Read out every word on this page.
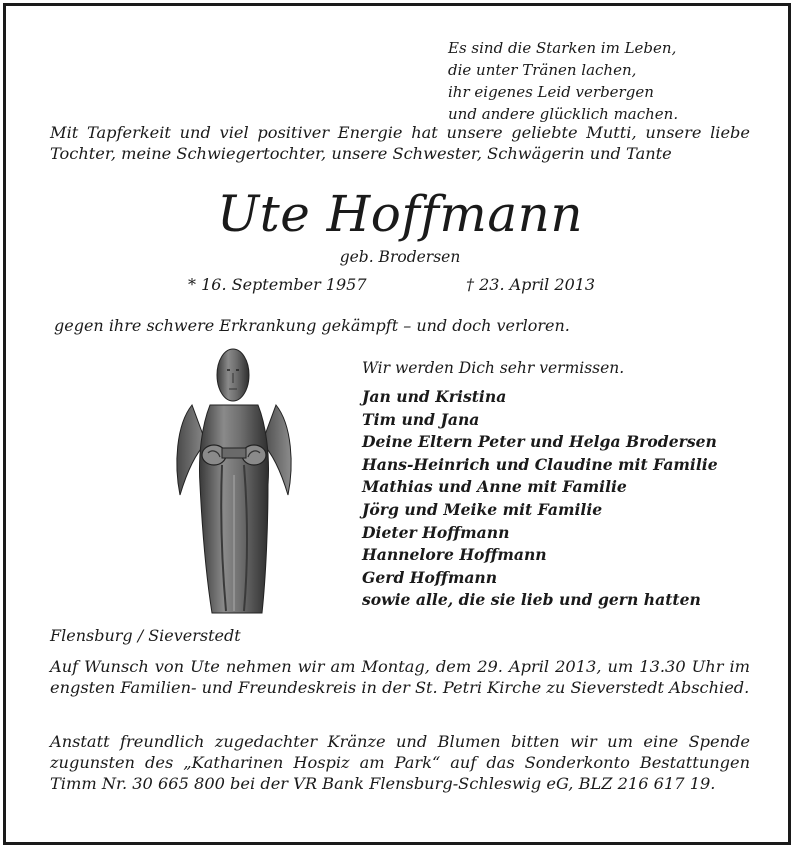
Es sind die Starken im Leben,
die unter Tränen lachen,
ihr eigenes Leid verbergen
und andere glücklich machen.
Mit Tapferkeit und viel positiver Energie hat unsere geliebte Mutti, unsere liebe Tochter, meine Schwiegertochter, unsere Schwester, Schwägerin und Tante
Ute Hoffmann
geb. Brodersen
* 16. September 1957	† 23. April 2013
gegen ihre schwere Erkrankung gekämpft – und doch verloren.
Wir werden Dich sehr vermissen.
Jan und Kristina
Tim und Jana
Deine Eltern Peter und Helga Brodersen
Hans-Heinrich und Claudine mit Familie
Mathias und Anne mit Familie
Jörg und Meike mit Familie
Dieter Hoffmann
Hannelore Hoffmann
Gerd Hoffmann
sowie alle, die sie lieb und gern hatten
Flensburg / Sieverstedt
Auf Wunsch von Ute nehmen wir am Montag, dem 29. April 2013, um 13.30 Uhr im engsten Familien- und Freundeskreis in der St. Petri Kirche zu Sieverstedt Abschied.
Anstatt freundlich zugedachter Kränze und Blumen bitten wir um eine Spende zugunsten des „Katharinen Hospiz am Park“ auf das Sonderkonto Bestattungen Timm Nr. 30 665 800 bei der VR Bank Flensburg-Schleswig eG, BLZ 216 617 19.
